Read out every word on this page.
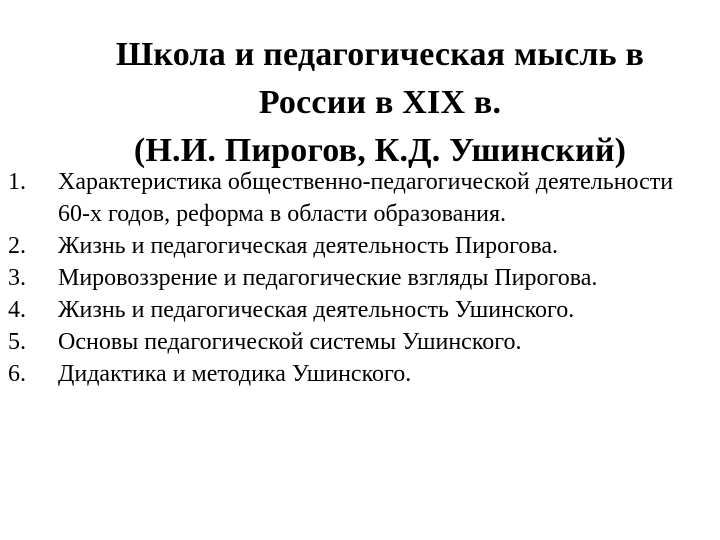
Школа и педагогическая мысль в
России в XIX в.
(Н.И. Пирогов, К.Д. Ушинский)
1. Характеристика общественно-педагогической деятельности 60-х годов, реформа в области образования.
2. Жизнь и педагогическая деятельность Пирогова.
3. Мировоззрение и педагогические взгляды Пирогова.
4. Жизнь и педагогическая деятельность Ушинского.
5. Основы педагогической системы Ушинского.
6. Дидактика и методика Ушинского.
